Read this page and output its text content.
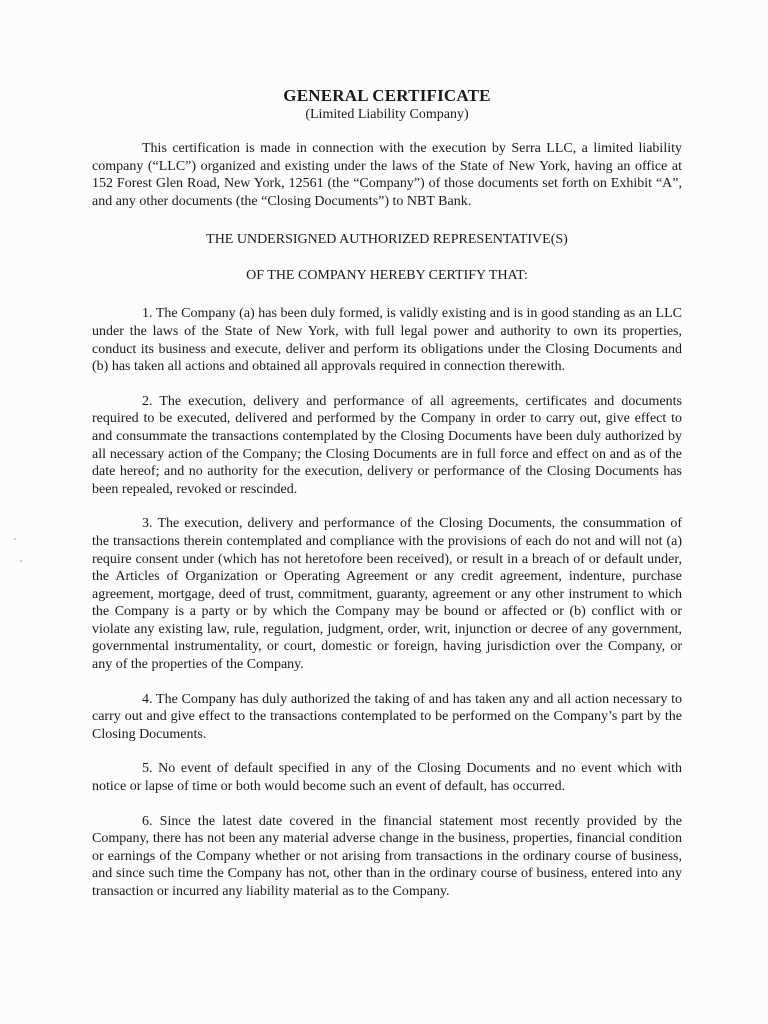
GENERAL CERTIFICATE
(Limited Liability Company)

This certification is made in connection with the execution by Serra LLC, a limited liability company (“LLC”) organized and existing under the laws of the State of New York, having an office at 152 Forest Glen Road, New York, 12561 (the “Company”) of those documents set forth on Exhibit “A”, and any other documents (the “Closing Documents”) to NBT Bank.

THE UNDERSIGNED AUTHORIZED REPRESENTATIVE(S)
OF THE COMPANY HEREBY CERTIFY THAT:

1. The Company (a) has been duly formed, is validly existing and is in good standing as an LLC under the laws of the State of New York, with full legal power and authority to own its properties, conduct its business and execute, deliver and perform its obligations under the Closing Documents and (b) has taken all actions and obtained all approvals required in connection therewith.

2. The execution, delivery and performance of all agreements, certificates and documents required to be executed, delivered and performed by the Company in order to carry out, give effect to and consummate the transactions contemplated by the Closing Documents have been duly authorized by all necessary action of the Company; the Closing Documents are in full force and effect on and as of the date hereof; and no authority for the execution, delivery or performance of the Closing Documents has been repealed, revoked or rescinded.

3. The execution, delivery and performance of the Closing Documents, the consummation of the transactions therein contemplated and compliance with the provisions of each do not and will not (a) require consent under (which has not heretofore been received), or result in a breach of or default under, the Articles of Organization or Operating Agreement or any credit agreement, indenture, purchase agreement, mortgage, deed of trust, commitment, guaranty, agreement or any other instrument to which the Company is a party or by which the Company may be bound or affected or (b) conflict with or violate any existing law, rule, regulation, judgment, order, writ, injunction or decree of any government, governmental instrumentality, or court, domestic or foreign, having jurisdiction over the Company, or any of the properties of the Company.

4. The Company has duly authorized the taking of and has taken any and all action necessary to carry out and give effect to the transactions contemplated to be performed on the Company’s part by the Closing Documents.

5. No event of default specified in any of the Closing Documents and no event which with notice or lapse of time or both would become such an event of default, has occurred.

6. Since the latest date covered in the financial statement most recently provided by the Company, there has not been any material adverse change in the business, properties, financial condition or earnings of the Company whether or not arising from transactions in the ordinary course of business, and since such time the Company has not, other than in the ordinary course of business, entered into any transaction or incurred any liability material as to the Company.
